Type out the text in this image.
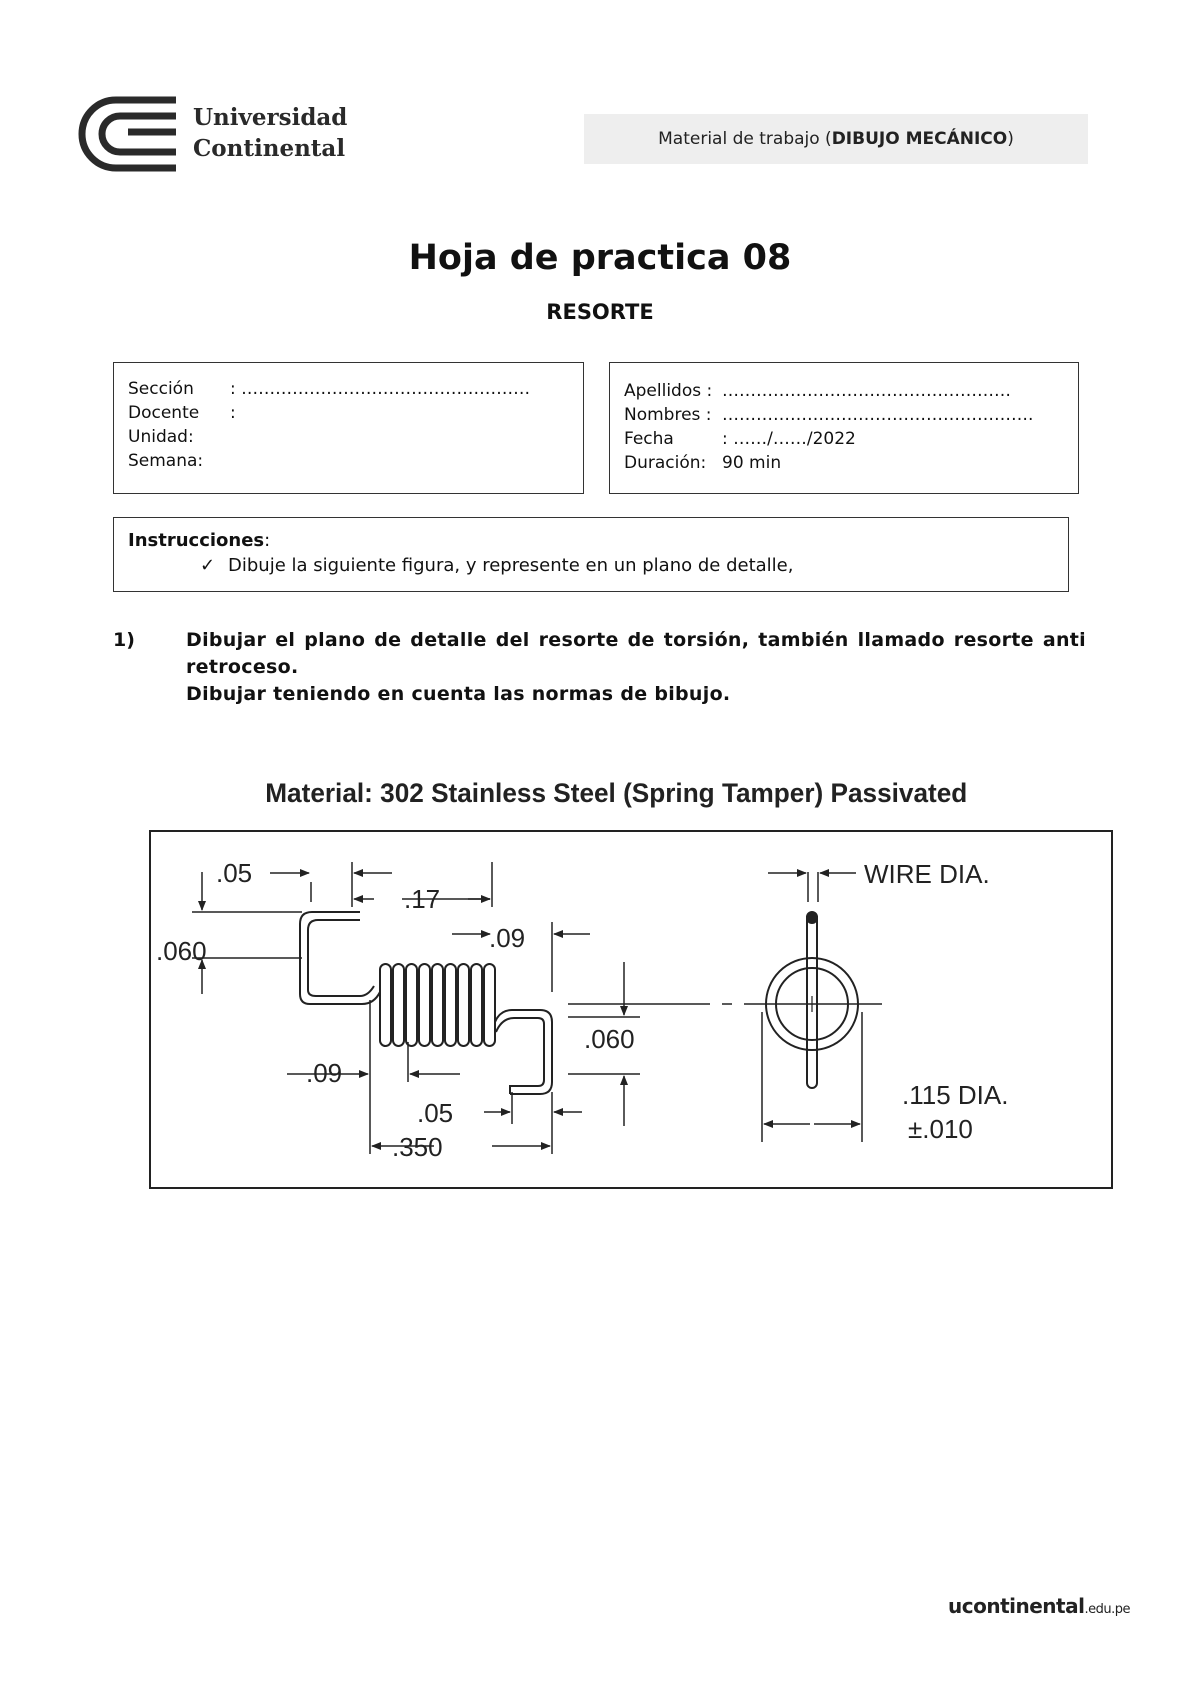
Universidad
Continental	Material de trabajo ( DIBUJO MECÁNICO )
Hoja de practica 08
RESORTE
Sección	: ……………………………………………
Docente	:
Unidad:
Semana:
Apellidos : ……………………………………………
Nombres : ……………………………………………….
Fecha	: ……/……/2022
Duración: 90 min
Instrucciones:
✓ Dibuje la siguiente figura, y represente en un plano de detalle,
1)	Dibujar el plano de detalle del resorte de torsión, también llamado resorte anti retroceso.
Dibujar teniendo en cuenta las normas de bibujo.
Material: 302 Stainless Steel (Spring Tamper) Passivated
.05
.17
.060	.09
.060
.09
.05
.350
WIRE DIA.
.115 DIA.
±.010
ucontinental.edu.pe
